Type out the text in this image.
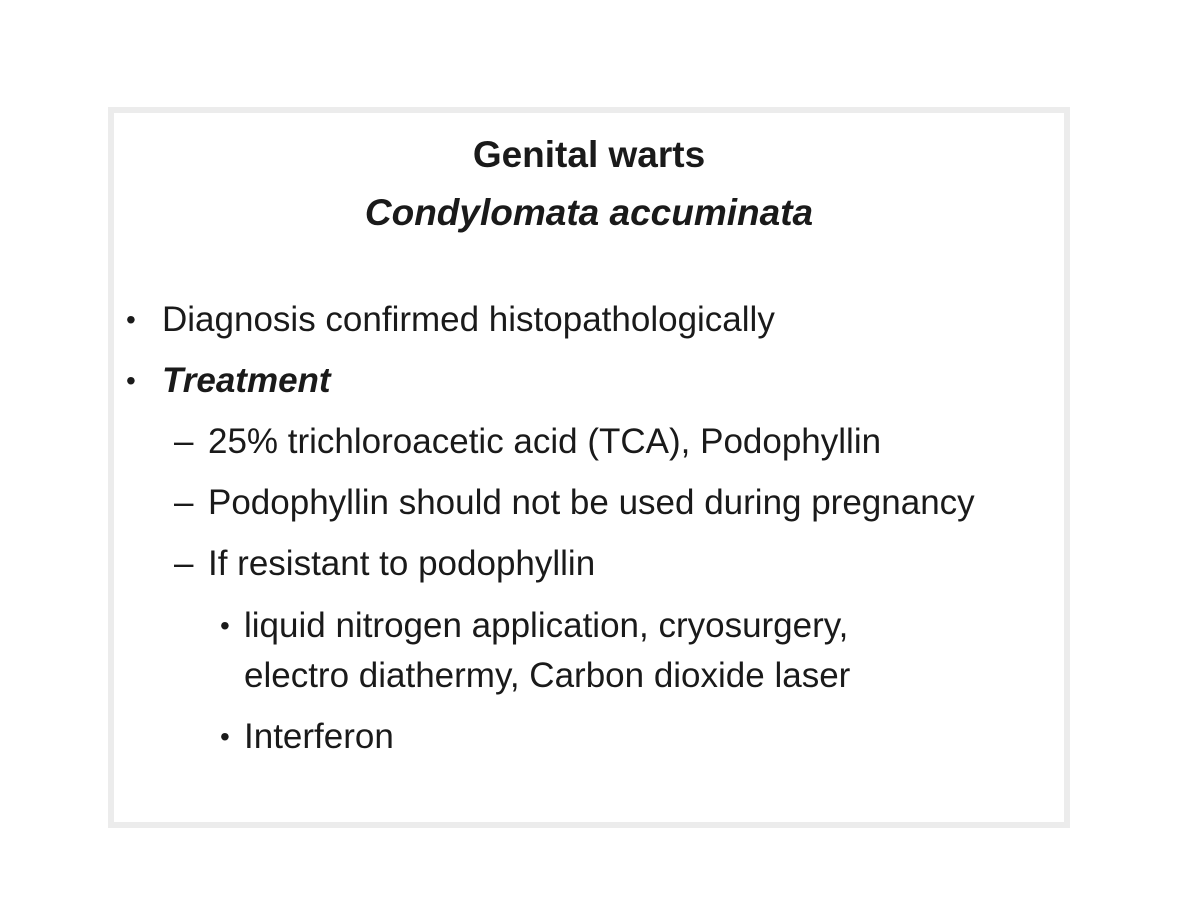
Genital warts
Condylomata accuminata
• Diagnosis confirmed histopathologically
• Treatment
– 25% trichloroacetic acid (TCA), Podophyllin
– Podophyllin should not be used during pregnancy
– If resistant to podophyllin
• liquid nitrogen application, cryosurgery,
electro diathermy, Carbon dioxide laser
• Interferon
